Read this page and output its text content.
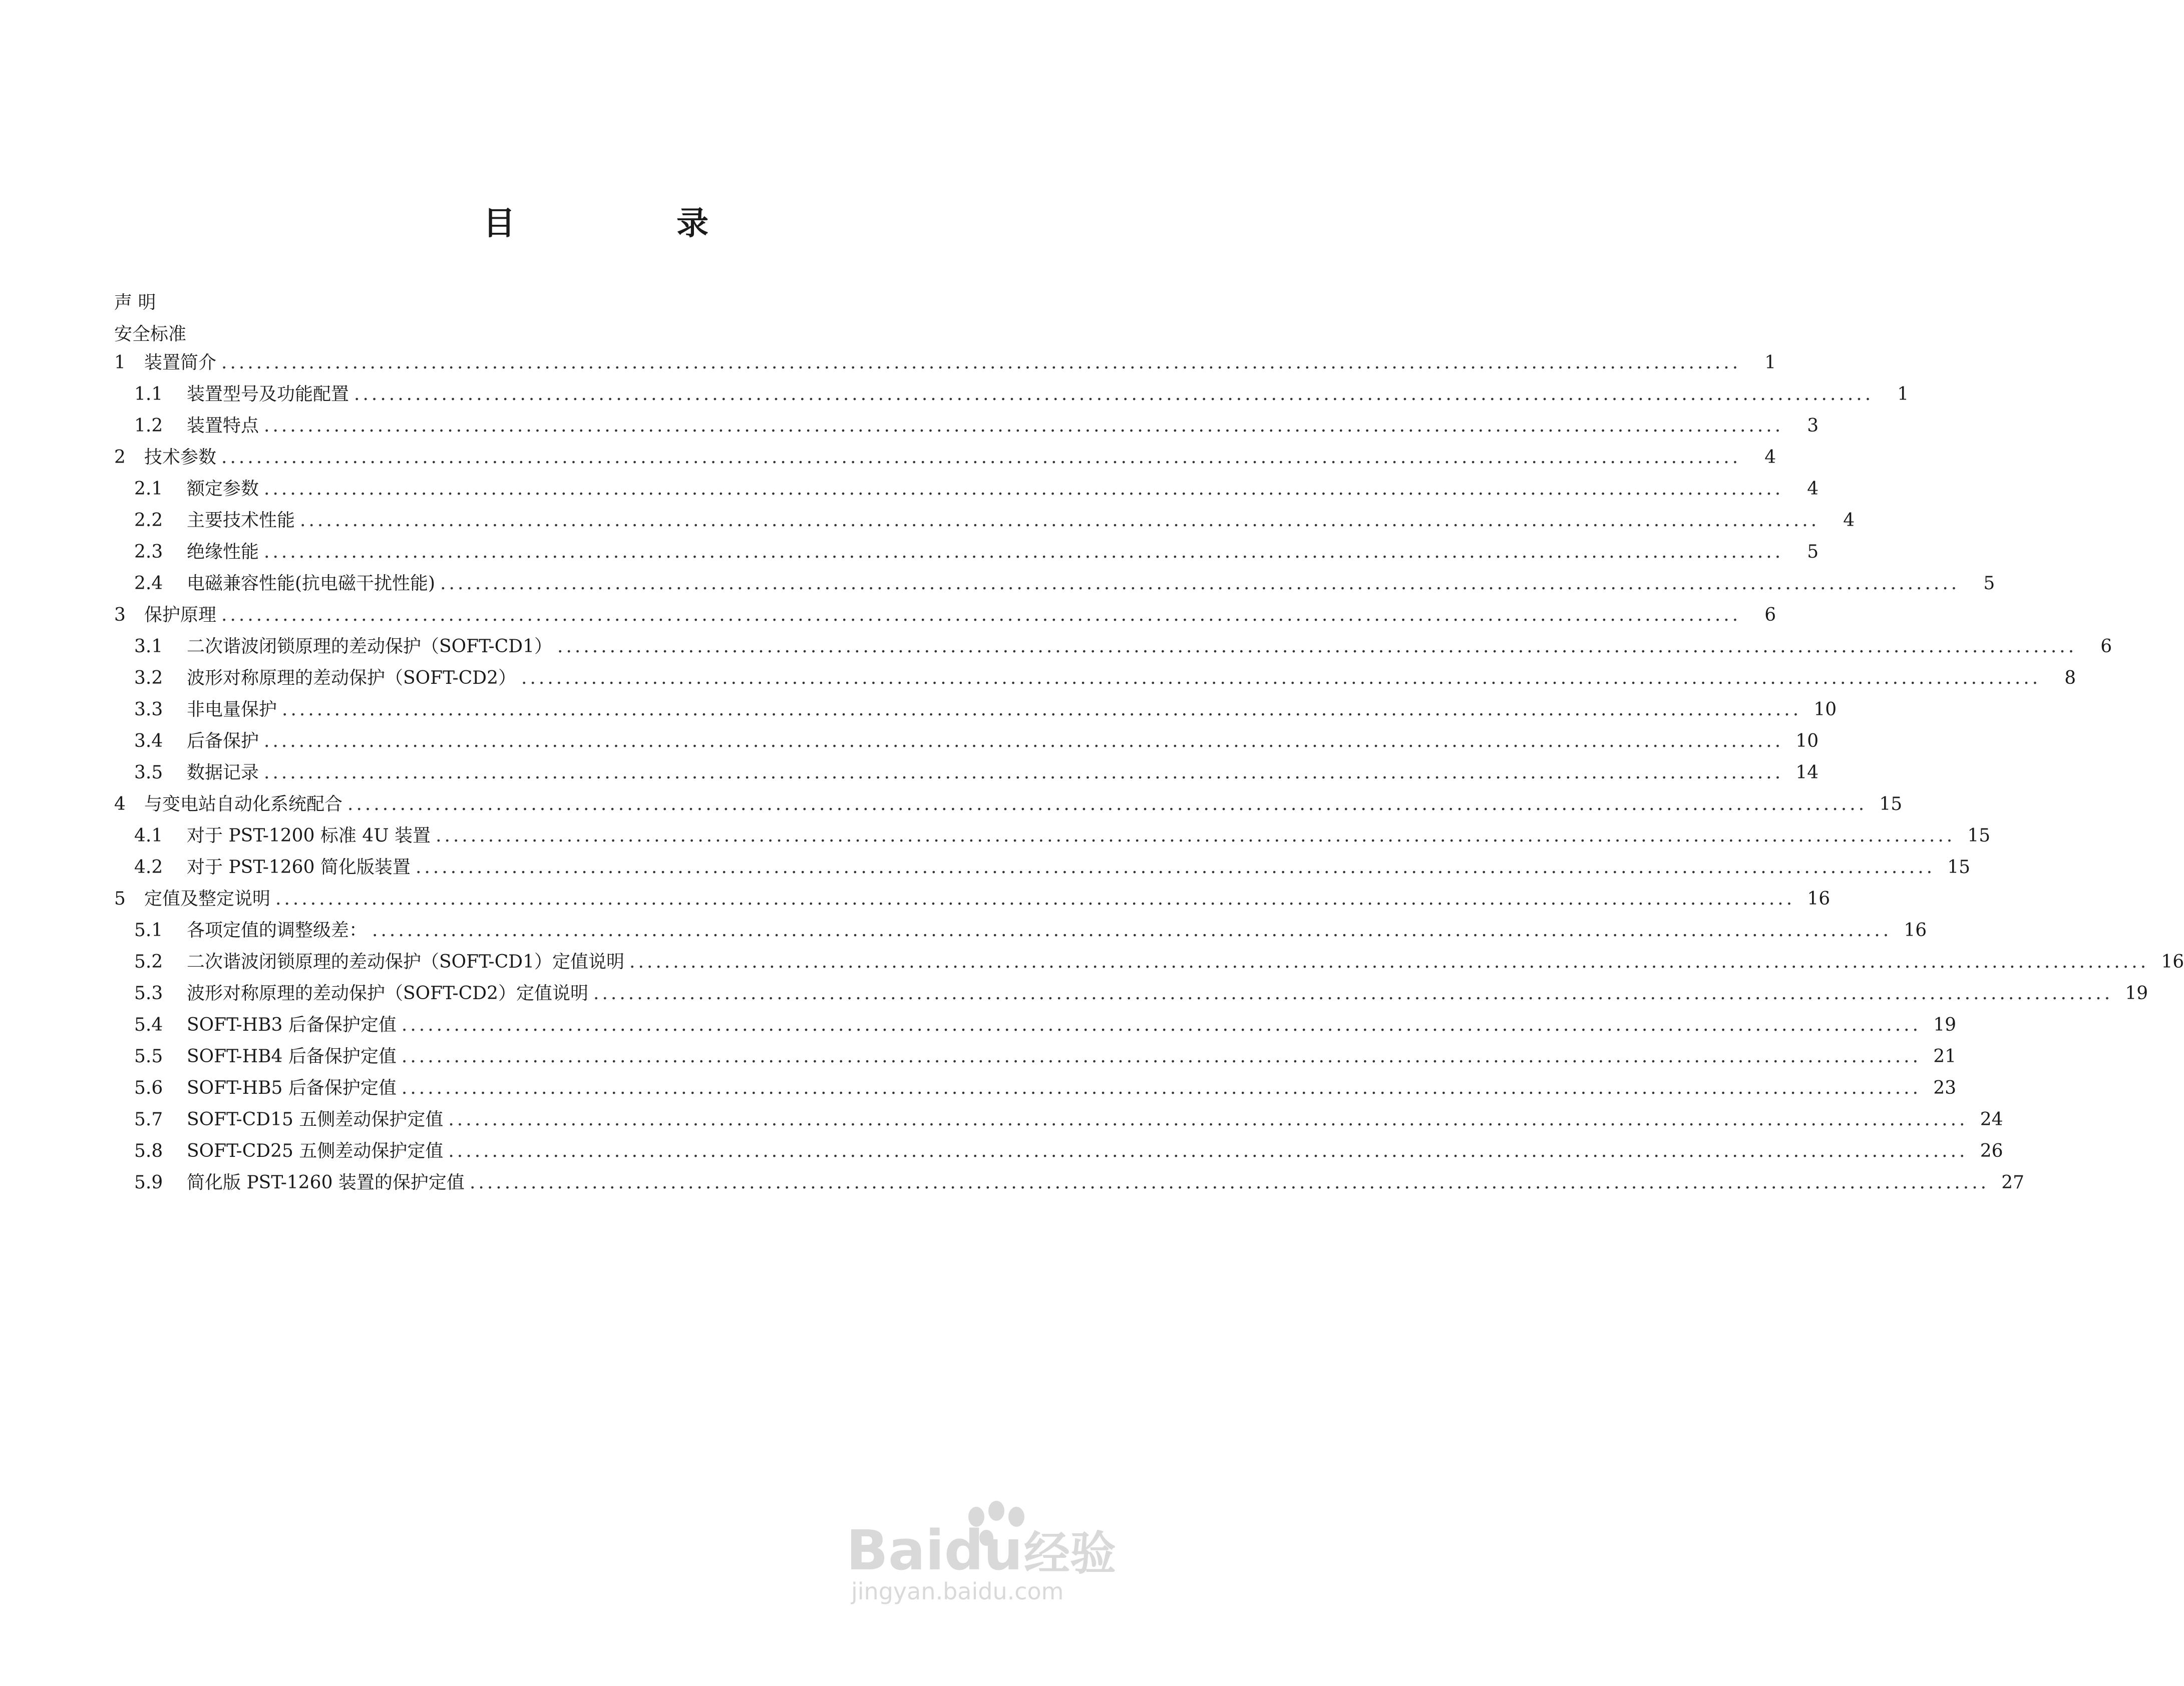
目 录
声 明
安全标准
1	装置简介 ..............................................................................................................................................................................	1
1.1	装置型号及功能配置 ..............................................................................................................................................................................	1
1.2	装置特点 ..............................................................................................................................................................................	3
2	技术参数 ..............................................................................................................................................................................	4
2.1	额定参数 ..............................................................................................................................................................................	4
2.2	主要技术性能 ..............................................................................................................................................................................	4
2.3	绝缘性能 ..............................................................................................................................................................................	5
2.4	电磁兼容性能(抗电磁干扰性能) ..............................................................................................................................................................................	5
3	保护原理 ..............................................................................................................................................................................	6
3.1	二次谐波闭锁原理的差动保护（SOFT-CD1） ..............................................................................................................................................................................	6
3.2	波形对称原理的差动保护（SOFT-CD2） ..............................................................................................................................................................................	8
3.3	非电量保护 .............................................................................................................................................................................. 10
3.4	后备保护 .............................................................................................................................................................................. 10
3.5	数据记录 .............................................................................................................................................................................. 14
4	与变电站自动化系统配合 .............................................................................................................................................................................. 15
4.1	对于 PST-1200 标准 4U 装置 .............................................................................................................................................................................. 15
4.2	对于 PST-1260 简化版装置 .............................................................................................................................................................................. 15
5	定值及整定说明 .............................................................................................................................................................................. 16
5.1	各项定值的调整级差： .............................................................................................................................................................................. 16
5.2	二次谐波闭锁原理的差动保护（SOFT-CD1）定值说明 .............................................................................................................................................................................. 16
5.3	波形对称原理的差动保护（SOFT-CD2）定值说明 .............................................................................................................................................................................. 19
5.4	SOFT-HB3 后备保护定值 .............................................................................................................................................................................. 19
5.5	SOFT-HB4 后备保护定值 .............................................................................................................................................................................. 21
5.6	SOFT-HB5 后备保护定值 .............................................................................................................................................................................. 23
5.7	SOFT-CD15 五侧差动保护定值 .............................................................................................................................................................................. 24
5.8	SOFT-CD25 五侧差动保护定值 .............................................................................................................................................................................. 26
5.9	简化版 PST-1260 装置的保护定值 .............................................................................................................................................................................. 27
Baidu 经验
jingyan.baidu.com
